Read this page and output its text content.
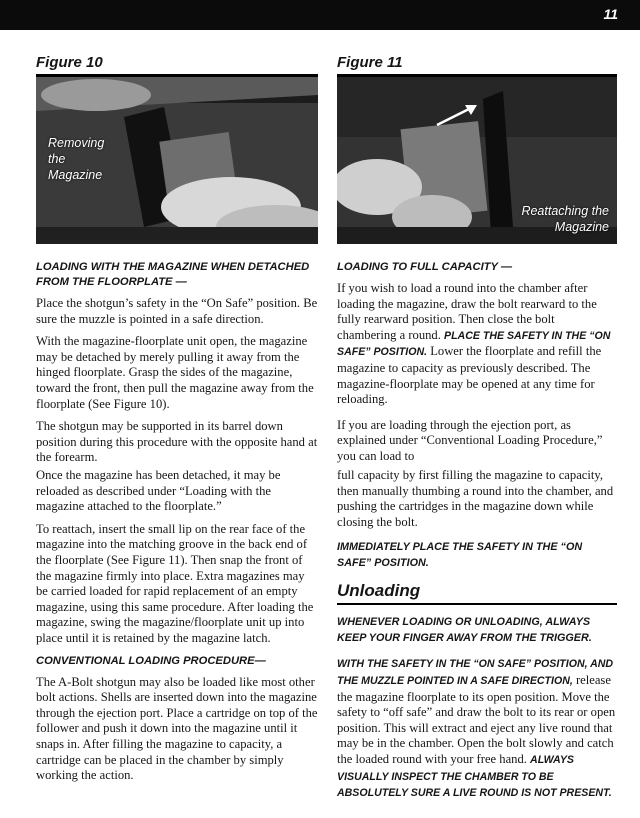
11
Figure 10
Removing
the
Magazine
LOADING WITH THE MAGAZINE WHEN DETACHED FROM THE FLOORPLATE —

Place the shotgun’s safety in the “On Safe” position. Be sure the muzzle is pointed in a safe direction.

With the magazine-floorplate unit open, the magazine may be detached by merely pulling it away from the hinged floorplate. Grasp the sides of the magazine, toward the front, then pull the magazine away from the floorplate (See Figure 10).

The shotgun may be supported in its barrel down position during this procedure with the opposite hand at the forearm.

Once the magazine has been detached, it may be reloaded as described under “Loading with the magazine attached to the floorplate.”

To reattach, insert the small lip on the rear face of the magazine into the matching groove in the back end of the floorplate (See Figure 11). Then snap the front of the magazine firmly into place. Extra magazines may be carried loaded for rapid replacement of an empty magazine, using this same procedure. After loading the magazine, swing the magazine/floorplate unit up into place until it is retained by the magazine latch.

CONVENTIONAL LOADING PROCEDURE—

The A-Bolt shotgun may also be loaded like most other bolt actions. Shells are inserted down into the magazine through the ejection port. Place a cartridge on top of the follower and push it down into the magazine until it snaps in. After filling the magazine to capacity, a cartridge can be placed in the chamber by simply working the action.

Figure 11
Reattaching the
Magazine
LOADING TO FULL CAPACITY —

If you wish to load a round into the chamber after loading the magazine, draw the bolt rearward to the fully rearward position. Then close the bolt chambering a round. PLACE THE SAFETY IN THE “ON SAFE” POSITION. Lower the floorplate and refill the magazine to capacity as previously described. The magazine-floorplate may be opened at any time for reloading.

If you are loading through the ejection port, as explained under “Conventional Loading Procedure,” you can load to

full capacity by first filling the magazine to capacity, then manually thumbing a round into the chamber, and pushing the cartridges in the magazine down while closing the bolt.

IMMEDIATELY PLACE THE SAFETY IN THE “ON SAFE” POSITION.
Unloading
WHENEVER LOADING OR UNLOADING, ALWAYS KEEP YOUR FINGER AWAY FROM THE TRIGGER.

WITH THE SAFETY IN THE “ON SAFE” POSITION, AND THE MUZZLE POINTED IN A SAFE DIRECTION, release the magazine floorplate to its open position. Move the safety to “off safe” and draw the bolt to its rear or open position. This will extract and eject any live round that may be in the chamber. Open the bolt slowly and catch the loaded round with your free hand. ALWAYS VISUALLY INSPECT THE CHAMBER TO BE ABSOLUTELY SURE A LIVE ROUND IS NOT PRESENT.
